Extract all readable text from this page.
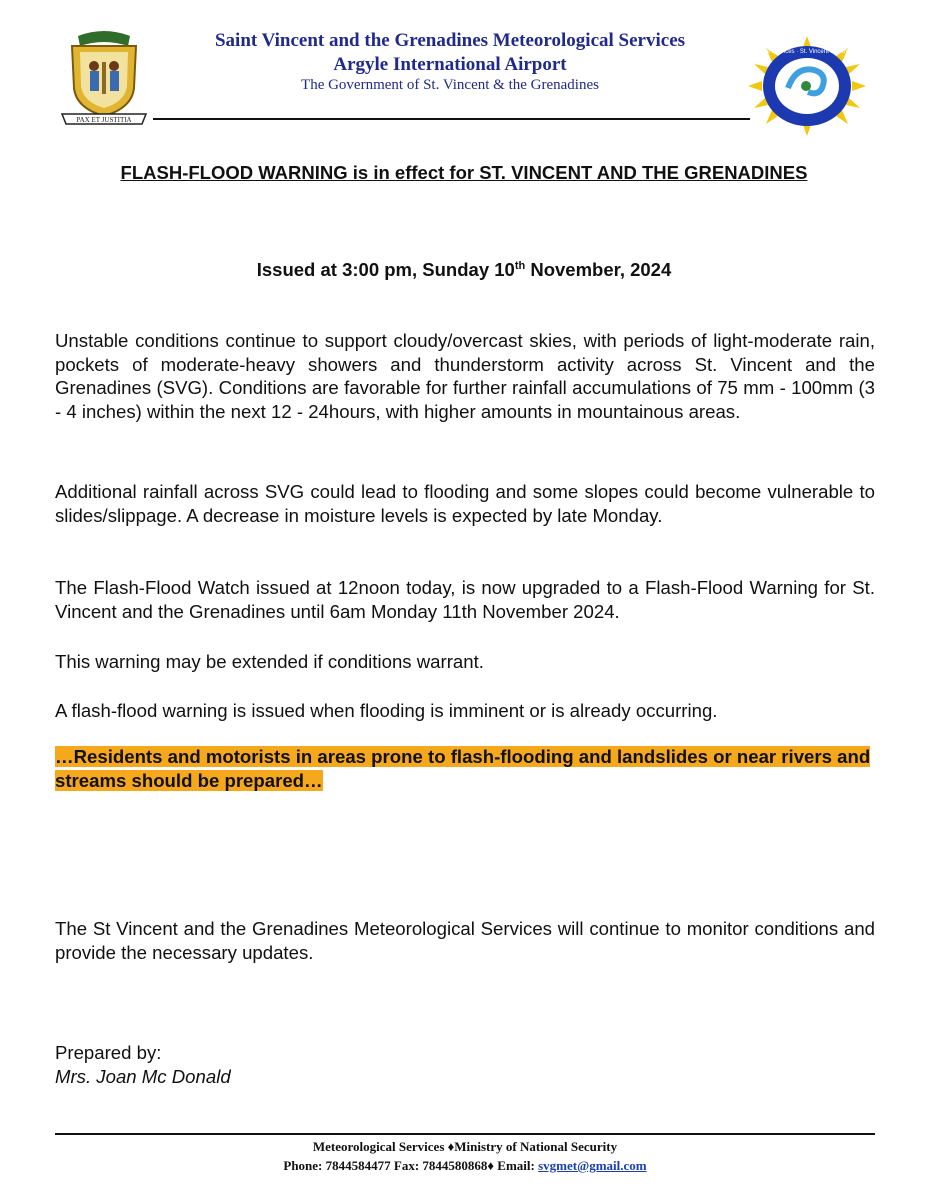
PAX ET JUSTITIA
Saint Vincent and the Grenadines Meteorological Services
Argyle International Airport
The Government of St. Vincent & the Grenadines
Meteorological Services · St. Vincent and the Grenadines
FLASH-FLOOD WARNING is in effect for ST. VINCENT AND THE GRENADINES
Issued at 3:00 pm, Sunday 10th November, 2024

Unstable conditions continue to support cloudy/overcast skies, with periods of light-moderate rain, pockets of moderate-heavy showers and thunderstorm activity across St. Vincent and the Grenadines (SVG). Conditions are favorable for further rainfall accumulations of 75 mm - 100mm (3 - 4 inches) within the next 12 - 24hours, with higher amounts in mountainous areas.

Additional rainfall across SVG could lead to flooding and some slopes could become vulnerable to slides/slippage. A decrease in moisture levels is expected by late Monday.

The Flash-Flood Watch issued at 12noon today, is now upgraded to a Flash-Flood Warning for St. Vincent and the Grenadines until 6am Monday 11th November 2024.

This warning may be extended if conditions warrant.

A flash-flood warning is issued when flooding is imminent or is already occurring.

…Residents and motorists in areas prone to flash-flooding and landslides or near rivers and streams should be prepared…

The St Vincent and the Grenadines Meteorological Services will continue to monitor conditions and provide the necessary updates.

Prepared by:
Mrs. Joan Mc Donald
Meteorological Services ♦Ministry of National Security
Phone: 7844584477 Fax: 7844580868♦ Email: svgmet@gmail.com
